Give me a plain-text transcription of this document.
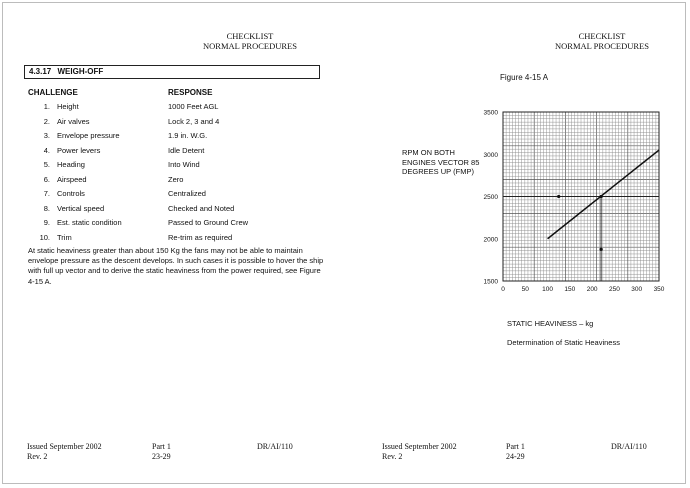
CHECKLIST
NORMAL PROCEDURES
4.3.17 WEIGH-OFF
CHALLENGE	RESPONSE
1. Height	1000 Feet AGL
2. Air valves	Lock 2, 3 and 4
3. Envelope pressure	1.9 in. W.G.
4. Power levers	Idle Detent
5. Heading	Into Wind
6. Airspeed	Zero
7. Controls	Centralized
8. Vertical speed	Checked and Noted
9. Est. static condition	Passed to Ground Crew
10. Trim	Re-trim as required
At static heaviness greater than about 150 Kg the fans may not be able to maintain envelope pressure as the descent develops. In such cases it is possible to hover the ship with full up vector and to derive the static heaviness from the power required, see Figure 4-15 A.
CHECKLIST
NORMAL PROCEDURES
Figure 4-15 A
RPM ON BOTH ENGINES VECTOR 85 DEGREES UP (FMP)
0	50 100 150 200 250 300 350
1500
2000
2500
3000
3500
STATIC HEAVINESS – kg
Determination of Static Heaviness
Issued September 2002
Rev. 2
Part 1
23-29
DR/AI/110	Issued September 2002
Rev. 2
Part 1
24-29
DR/AI/110
